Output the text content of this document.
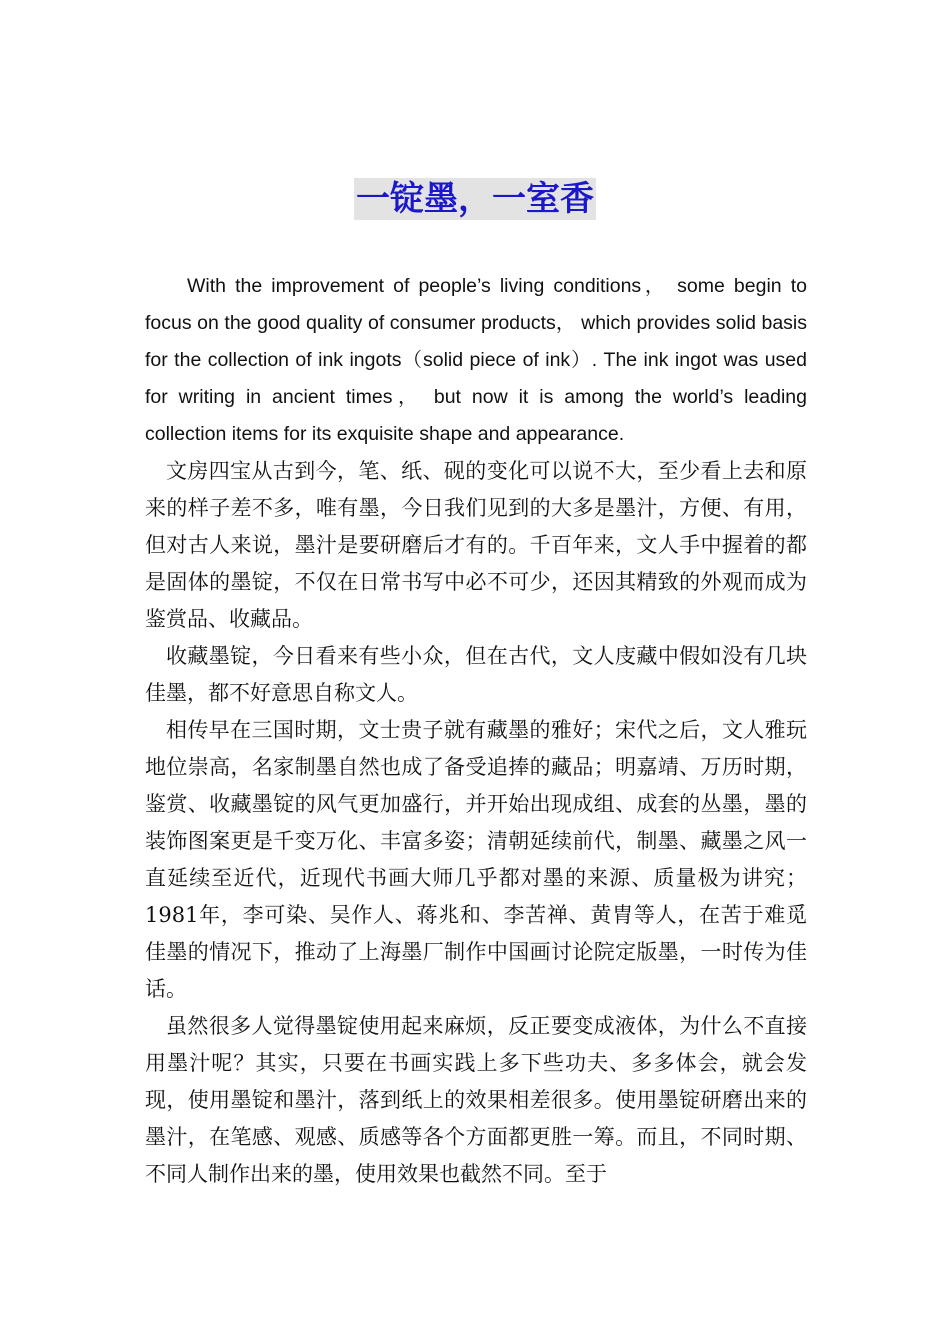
一锭墨，一室香

With the improvement of people’s living conditions， some begin to focus on the good quality of consumer products， which provides solid basis for the collection of ink ingots（solid piece of ink）. The ink ingot was used for writing in ancient times， but now it is among the world’s leading collection items for its exquisite shape and appearance.

文房四宝从古到今，笔、纸、砚的变化可以说不大，至少看上去和原来的样子差不多，唯有墨，今日我们见到的大多是墨汁，方便、有用，但对古人来说，墨汁是要研磨后才有的。千百年来，文人手中握着的都是固体的墨锭，不仅在日常书写中必不可少，还因其精致的外观而成为鉴赏品、收藏品。

收藏墨锭，今日看来有些小众，但在古代，文人庋藏中假如没有几块佳墨，都不好意思自称文人。

相传早在三国时期，文士贵子就有藏墨的雅好；宋代之后，文人雅玩地位崇高，名家制墨自然也成了备受追捧的藏品；明嘉靖、万历时期，鉴赏、收藏墨锭的风气更加盛行，并开始出现成组、成套的丛墨，墨的装饰图案更是千变万化、丰富多姿；清朝延续前代，制墨、藏墨之风一直延续至近代，近现代书画大师几乎都对墨的来源、质量极为讲究；1981年，李可染、吴作人、蒋兆和、李苦禅、黄胄等人，在苦于难觅佳墨的情况下，推动了上海墨厂制作中国画讨论院定版墨，一时传为佳话。

虽然很多人觉得墨锭使用起来麻烦，反正要变成液体，为什么不直接用墨汁呢？其实，只要在书画实践上多下些功夫、多多体会，就会发现，使用墨锭和墨汁，落到纸上的效果相差很多。使用墨锭研磨出来的墨汁，在笔感、观感、质感等各个方面都更胜一筹。而且，不同时期、不同人制作出来的墨，使用效果也截然不同。至于
